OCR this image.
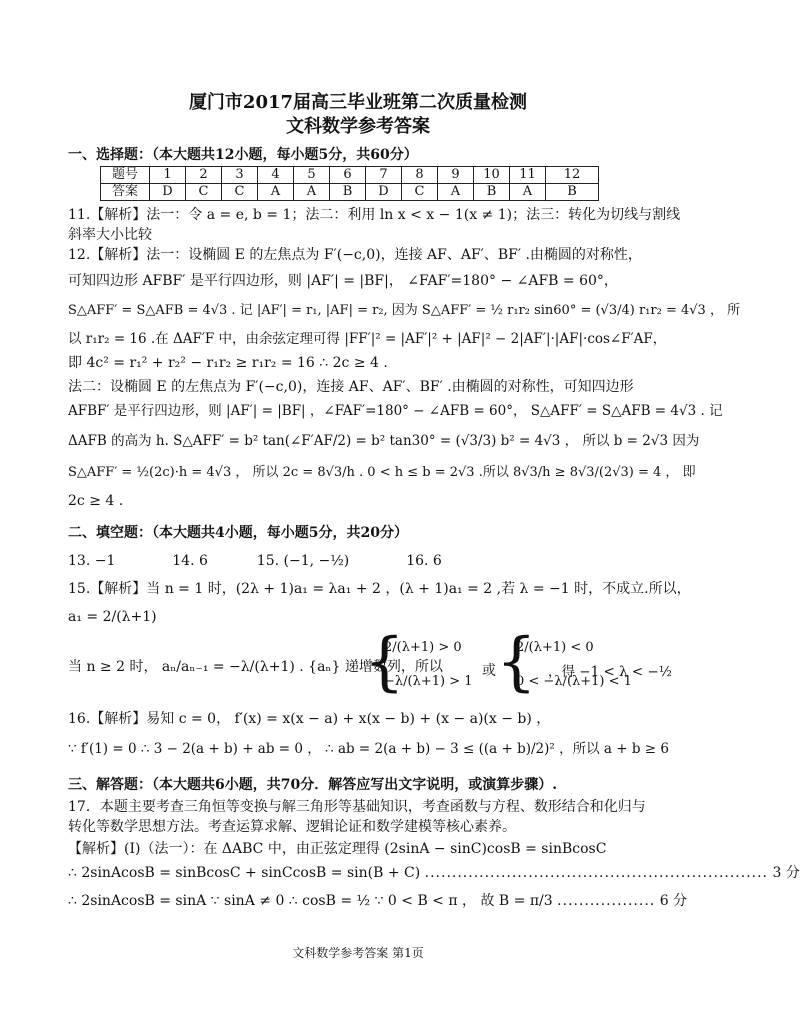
厦门市2017届高三毕业班第二次质量检测
文科数学参考答案
一、选择题：（本大题共12小题，每小题5分，共60分）
题号	1	2	3	4	5	6	7	8	9	10	11	12
答案	D	C	C	A	A	B	D	C	A	B	A	B
11.【解析】法一：令 a = e, b = 1；法二：利用 ln x < x − 1(x ≠ 1)；法三：转化为切线与割线
斜率大小比较
12.【解析】法一：设椭圆 E 的左焦点为 F′(−c,0)，连接 AF、AF′、BF′ .由椭圆的对称性，
可知四边形 AFBF′ 是平行四边形，则 |AF′| = |BF|， ∠FAF′=180° − ∠AFB = 60°，
S△AFF′ = S△AFB = 4√3 . 记 |AF′| = r₁, |AF| = r₂, 因为 S△AFF′ = ½ r₁r₂ sin60° = (√3/4) r₁r₂ = 4√3 ， 所
以 r₁r₂ = 16 .在 ΔAF′F 中，由余弦定理可得 |FF′|² = |AF′|² + |AF|² − 2|AF′|·|AF|·cos∠F′AF，
即 4c² = r₁² + r₂² − r₁r₂ ≥ r₁r₂ = 16 ∴ 2c ≥ 4 .
法二：设椭圆 E 的左焦点为 F′(−c,0)，连接 AF、AF′、BF′ .由椭圆的对称性，可知四边形
AFBF′ 是平行四边形，则 |AF′| = |BF| ，∠FAF′=180° − ∠AFB = 60°， S△AFF′ = S△AFB = 4√3 . 记
ΔAFB 的高为 h. S△AFF′ = b² tan(∠F′AF/2) = b² tan30° = (√3/3) b² = 4√3 ， 所以 b = 2√3 因为
S△AFF′ = ½(2c)·h = 4√3 ， 所以 2c = 8√3/h . 0 < h ≤ b = 2√3 .所以 8√3/h ≥ 8√3/(2√3) = 4 ， 即
2c ≥ 4 .
二、填空题：（本大题共4小题，每小题5分，共20分）
13. −1	14. 6	15. (−1, −½)	16. 6
15.【解析】当 n = 1 时，(2λ + 1)a₁ = λa₁ + 2 ，(λ + 1)a₁ = 2 ,若 λ = −1 时，不成立.所以，
a₁ = 2/(λ+1)
当 n ≥ 2 时， aₙ/aₙ₋₁ = −λ/(λ+1) . {aₙ} 递增数列，所以
{
2/(λ+1) > 0
−λ/(λ+1) > 1
或 {
2/(λ+1) < 0
0 < −λ/(λ+1) < 1
，得 −1 < λ < −½
16.【解析】易知 c = 0， f′(x) = x(x − a) + x(x − b) + (x − a)(x − b) ，
∵ f′(1) = 0 ∴ 3 − 2(a + b) + ab = 0 ， ∴ ab = 2(a + b) − 3 ≤ ((a + b)/2)² ，所以 a + b ≥ 6
三、解答题：（本大题共6小题，共70分．解答应写出文字说明，或演算步骤）.
17．本题主要考查三角恒等变换与解三角形等基础知识，考查函数与方程、数形结合和化归与
转化等数学思想方法。考查运算求解、逻辑论证和数学建模等核心素养。
【解析】(Ⅰ)（法一）：在 ΔABC 中，由正弦定理得 (2sinA − sinC)cosB = sinBcosC
∴ 2sinAcosB = sinBcosC + sinCcosB = sin(B + C) ............................................................... 3 分
∴ 2sinAcosB = sinA ∵ sinA ≠ 0 ∴ cosB = ½ ∵ 0 < B < π ， 故 B = π/3 .................. 6 分
文科数学参考答案 第1页
